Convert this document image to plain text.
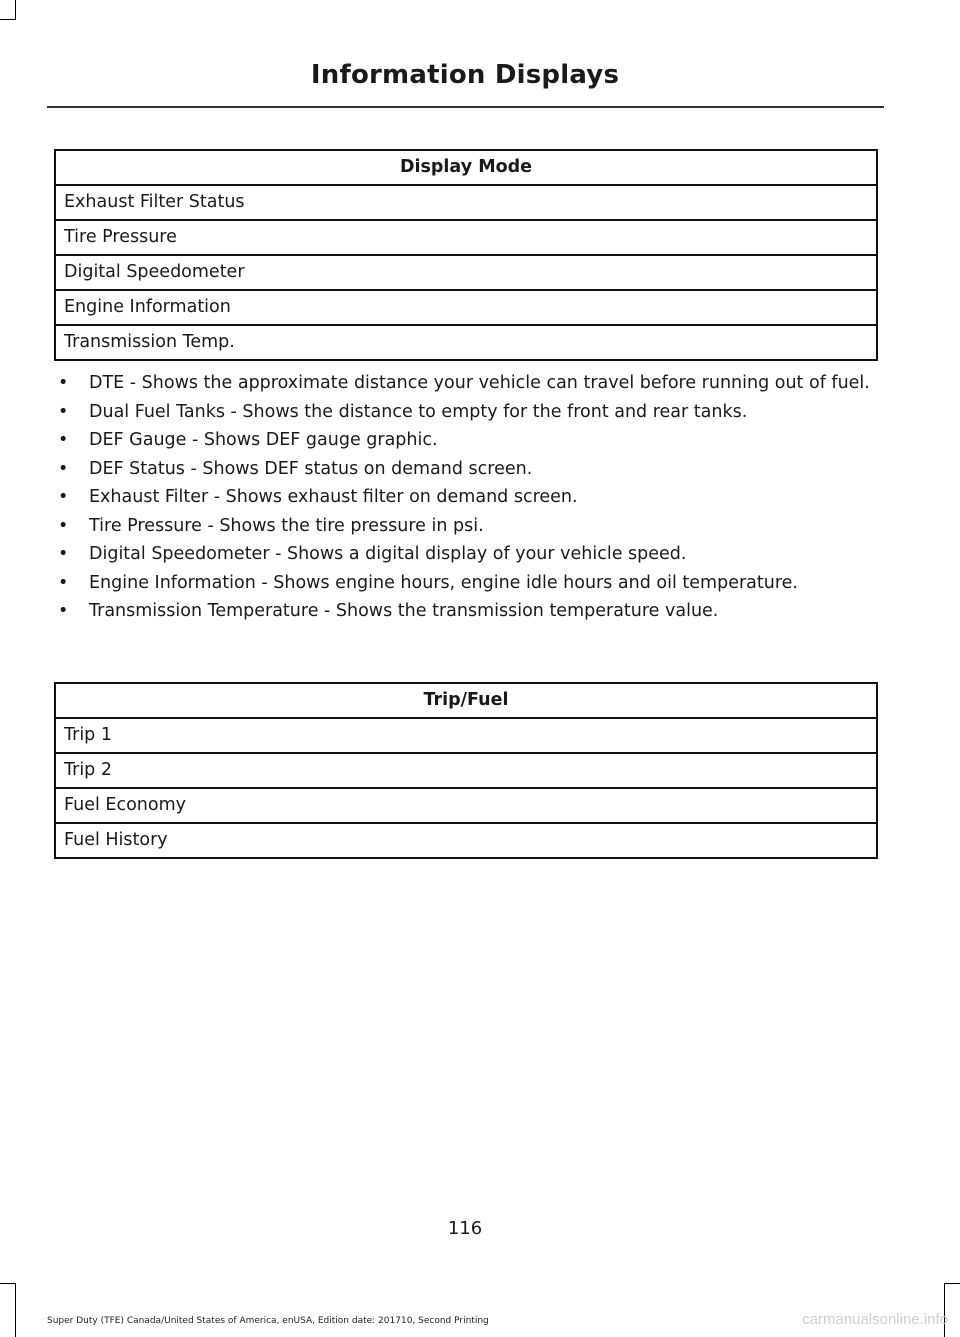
Information Displays
Display Mode
Exhaust Filter Status
Tire Pressure
Digital Speedometer
Engine Information
Transmission Temp.
• DTE - Shows the approximate distance your vehicle can travel before running out of fuel.
• Dual Fuel Tanks - Shows the distance to empty for the front and rear tanks.
• DEF Gauge - Shows DEF gauge graphic.
• DEF Status - Shows DEF status on demand screen.
• Exhaust Filter - Shows exhaust filter on demand screen.
• Tire Pressure - Shows the tire pressure in psi.
• Digital Speedometer - Shows a digital display of your vehicle speed.
• Engine Information - Shows engine hours, engine idle hours and oil temperature.
• Transmission Temperature - Shows the transmission temperature value.
Trip/Fuel
Trip 1
Trip 2
Fuel Economy
Fuel History
116
Super Duty (TFE) Canada/United States of America, enUSA, Edition date: 201710, Second Printing	carmanualsonline.info
